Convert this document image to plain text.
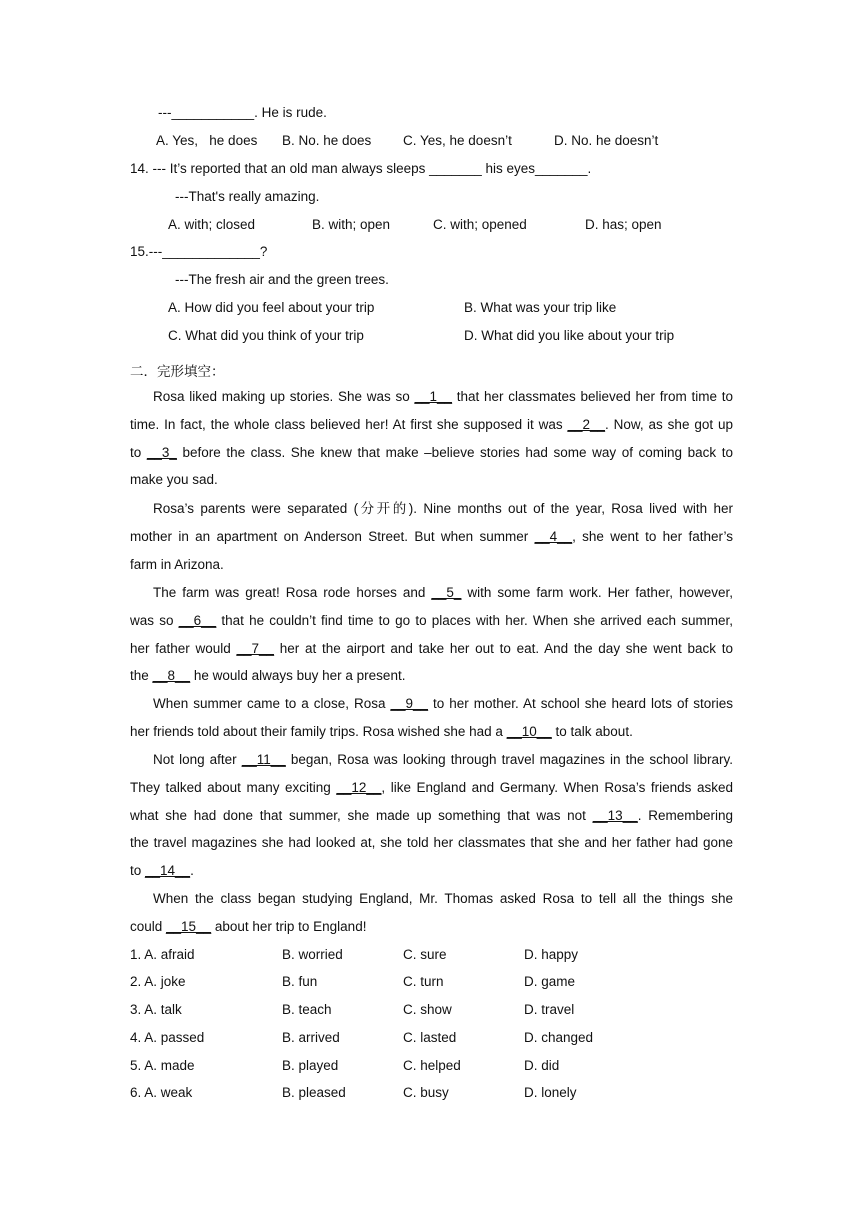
---___________. He is rude.
A. Yes,   he does B. No. he does C. Yes, he doesn’t	D. No. he doesn’t
14. --- It’s reported that an old man always sleeps _______ his eyes_______.
---That's really amazing.
A. with; closed	B. with; open	C. with; opened	D. has; open
15.---_____________?
---The fresh air and the green trees.
A. How did you feel about your trip	B. What was your trip like
C. What did you think of your trip	D. What did you like about your trip
二．完形填空：
Rosa liked making up stories. She was so __1__ that her classmates believed her from time to
time. In fact, the whole class believed her! At first she supposed it was __2__. Now, as she got up
to __3_ before the class. She knew that make –believe stories had some way of coming back to
make you sad.
Rosa’s parents were separated (分开的). Nine months out of the year, Rosa lived with her
mother in an apartment on Anderson Street. But when summer __4__, she went to her father’s
farm in Arizona.
The farm was great! Rosa rode horses and __5_ with some farm work. Her father, however,
was so __6__ that he couldn’t find time to go to places with her. When she arrived each summer,
her father would __7__ her at the airport and take her out to eat. And the day she went back to
the __8__ he would always buy her a present.
When summer came to a close, Rosa __9__ to her mother. At school she heard lots of stories
her friends told about their family trips. Rosa wished she had a __10__ to talk about.
Not long after __11__ began, Rosa was looking through travel magazines in the school library.
They talked about many exciting __12__, like England and Germany. When Rosa’s friends asked
what she had done that summer, she made up something that was not __13__. Remembering
the travel magazines she had looked at, she told her classmates that she and her father had gone
to __14__.
When the class began studying England, Mr. Thomas asked Rosa to tell all the things she
could __15__ about her trip to England!
1. A. afraid	B. worried	C. sure	D. happy
2. A. joke	B. fun	C. turn	D. game
3. A. talk	B. teach	C. show	D. travel
4. A. passed	B. arrived	C. lasted	D. changed
5. A. made	B. played	C. helped	D. did
6. A. weak	B. pleased	C. busy	D. lonely
